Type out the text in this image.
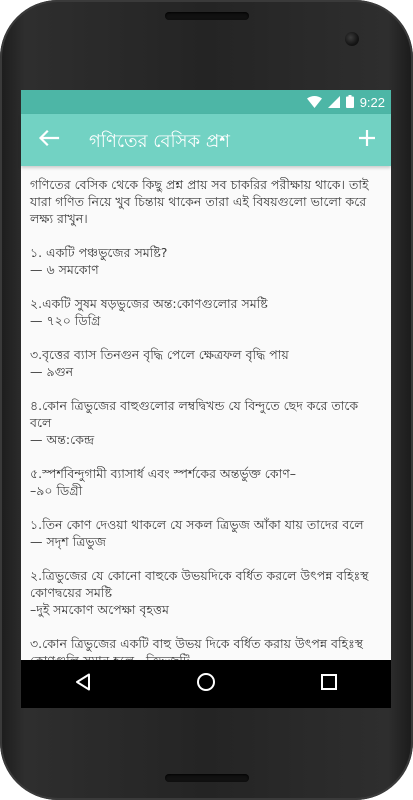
9:22
গণিতের বেসিক প্রশ

গণিতের বেসিক থেকে কিছু প্রশ্ন প্রায় সব চাকরির পরীক্ষায় থাকে। তাই যারা গণিত নিয়ে খুব চিন্তায় থাকেন তারা এই বিষয়গুলো ভালো করে লক্ষ্য রাখুন।

১. একটি পঞ্চভুজের সমষ্টি?
— ৬ সমকোণ
২.একটি সুষম ষড়ভুজের অন্ত:কোণগুলোর সমষ্টি
— ৭২০ ডিগ্রি
৩.বৃত্তের ব্যাস তিনগুন বৃদ্ধি পেলে ক্ষেত্রফল বৃদ্ধি পায়
— ৯গুন
৪.কোন ত্রিভুজের বাহুগুলোর লম্বদ্বিখন্ড যে বিন্দুতে ছেদ করে তাকে বলে
— অন্ত:কেন্দ্র
৫.স্পর্শবিন্দুগামী ব্যাসার্ধ এবং স্পর্শকের অন্তর্ভুক্ত কোণ–
–৯০ ডিগ্রী
১.তিন কোণ দেওয়া থাকলে যে সকল ত্রিভুজ আঁকা যায় তাদের বলে
— সদৃশ ত্রিভুজ
২.ত্রিভুজের যে কোনো বাহুকে উভয়দিকে বর্ধিত করলে উৎপন্ন বহিঃস্থ কোণদ্বয়ের সমষ্টি
–দুই সমকোণ অপেক্ষা বৃহত্তম
৩.কোন ত্রিভুজের একটি বাহু উভয় দিকে বর্ধিত করায় উৎপন্ন বহিঃস্থ
